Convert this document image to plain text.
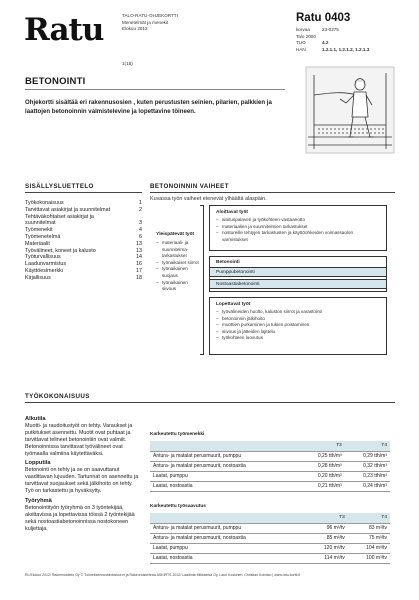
Ratu	TALO-RATU-OHJEKORTTI
Menetelmät ja menekit
Elokuu 2012
1(18)
Ratu 0403
korvaa	23-0275
Talo 2000
TUO	4.2
HAN	1.2.1.1, 1.2.1.2, 1.2.1.3
BETONOINTI
Ohjekortti sisältää eri rakennusosien , kuten perustusten seinien, pilarien, palkkien ja laattojen betonoinnin valmistelevine ja lopettavine töineen.
SISÄLLYSLUETTELO
Työkokonaisuus	1
Tarvittavat asiakirjat ja suunnitelmat	2
Tehtäväkohtaiset asiakirjat ja suunnitelmat	3
Työmenekit	4
Työmenetelmä	6
Materiaalit	13
Työvälineet, koneet ja kalusto	13
Työturvallisuus	14
Laadunvarmistus	16
Käyttöesimerkki	17
Kirjallisuus	18
BETONOINNIN VAIHEET
Kuvassa työn vaiheet etenevät ylhäältä alaspäin.
Yleispätevät työt
– materiaali- ja suunnitelma-tarkastukset
– työnaikaiset siirrot
– työnaikainen suojaus
– työnaikainen siivous
Aloittavat työt
– aloituspalaveri ja työkohteen vastaanotto
– materiaalien ja suunnitelmien tarkastukset
– nostureille tehtyjen tarkastusten ja käyttöohkeiden voimassaolon varmistukset
Betonointi
Pumppubetonointi
Nostoastiabetonointi
Lopettavat työt
– työvälineiden huolto, kaluston siirrot ja varastointi
– betonoinnin jälkihoito
– muottien purkaminen ja tukien poistaminen
– siivous ja jätteiden lajittelu
– työkohteen luovutus
TYÖKOKONAISUUS
Alkutila

Muotti- ja raudoitustyöt on tehty. Varaukset ja putkitukset asennettu. Muotit ovat puhtaat ja tarvittavat telineet betonointiin ovat valmiit. Betonoinnissa tarvittavat työvälineet ovat työmaalla valmiina käytettäväksi.

Lopputila

Betonointi on tehty ja se on saavuttanut vaadittavan lujuuden. Tartunnat on asennettu ja tarvittavat suojaukset sekä jälkihoito on tehty. Työ on tarkastettu ja hyväksytty.

Työryhmä

Betonointityön työryhmä on 3 työntekijää, aloittavissa ja lopettavissa töissä 2 työntekijää sekä nostoastiabetonoinnissa nostokoneen kuljettaja.

Karkeutettu työmenekki
	T3	T4
Antura- ja matalat perusmuurit, pumppu	0,25 tth/m³	0,29 tth/m³
Antura- ja matalat perusmuurit, nostoastia	0,28 tth/m³	0,32 tth/m³
Laatat, pumppu	0,20 tth/m³	0,23 tth/m³
Laatat, nostoastia	0,21 tth/m³	0,24 tth/m³
Karkeutettu työsaavutus
	T3	T4
Antura- ja matalat perusmuurit, pumppu	96 m³/tv	83 m³/tv
Antura- ja matalat perusmuurit, nostoastia	85 m³/tv	75 m³/tv
Laatat, pumppu	120 m³/tv	104 m³/tv
Laatat, nostoastia	114 m³/tv	100 m³/tv
RL/Elokuu 2012/ Rakennustieto Oy © Tuloreksennustiedostoa ei ja Rakennusteiteaa ASKIRTS 2012/ Laadinta Mikkaelsa Oy, Lauri Koskinen, Christian Koivisto | www.ratu-kortti.fi
